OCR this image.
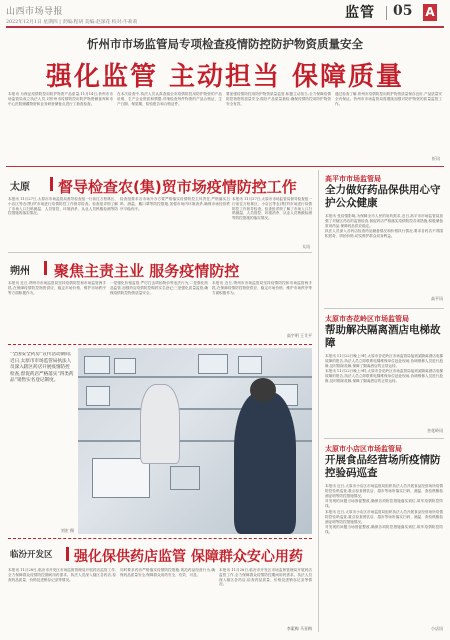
山西市场导报
2022年12月1日 星期四 | 责编:程胡 美编:赵深花 校对:牛莉莉
监管 05 A
忻州市市场监管局专项检查疫情防控防护物资质量安全
强化监管 主动担当 保障质量

本报讯 为保证疫情防控用防护物资产品质量,11月14日,忻州市市场监管局成立执法人员,对忻州市疫情防控用防护物资储备库和市中心医院储藏物资和业务研营储备点进行了抽查检查。

在本次检查中,执法人员认真查阅全市疫情防控用防护物资的产品说明、生产企业资质和票据,详细检查每件物资的产品合格证、生产日期、保质期、检验报告和合格证件。

要加强疫情防控用防护物资质量监管,积极主动担当,全力保障疫情防控物资的质量安全,做好产品质量抽检,确保疫情防控用防护物资安全有效。

通过检查了解,忻州市疫情防控用防护物资质量保存良好,产品质量安全有保证。忻州市市场监管局将继续加强对防护物资的质量监管工作。

忻讯
太原 督导检查农(集)贸市场疫情防控工作

本报讯 11月27日,太原市市场监管局督导检查组一行前往万柏林区、小店区等农(集)贸市场进行疫情防控工作督导检查。检查组详细了解了市场入口扫码测温、人员管控、环境消杀、从业人员核酸检测等防控措施的落实情况。

检查组要求各市场开办方要严格落实疫情防控主体责任,严格落实扫码、测温、戴口罩等防控措施,加强市场内环境消杀,确保市场经营秩序平稳有序。

本报讯 11月27日,太原市市场监管局督导检查组一行前往万柏林区、小店区等农(集)贸市场进行疫情防控工作督导检查。检查组详细了解了市场入口扫码测温、人员管控、环境消杀、从业人员核酸检测等防控措施的落实情况。

太讯
朔州 聚焦主责主业 服务疫情防控

本报讯 近日,朔州市市场监管局坚持疫情防控和市场监管两手抓,在保障疫情防控物资供应、稳定市场价格、维护市场秩序等方面积极作为。

一是强化价格监管,严厉打击哄抬物价等违法行为;二是强化药品监管,加强药店疫情防控购药实名登记;三是强化质量监管,确保疫情防控物资质量安全。

本报讯 近日,朔州市市场监管局坚持疫情防控和市场监管两手抓,在保障疫情防控物资供应、稳定市场价格、维护市场秩序等方面积极作为。

高宇明 王艾平
“全国安全药房”宣传活动期间,近日,太原市市场监管局执法人员深入辖区药店开展疫情防控检查,督促药店严格落实“四类药品”销售实名登记制度。
刘宏 摄
临汾开发区 强化保供药店监管 保障群众安心用药

本报讯 11月28日,临汾市开发区市场监督管理局开展药店监管工作,全力保障群众疫情防控期间用药需求。执法人员深入辖区各药店,检查药品质量、价格及进销存记录等情况。

同时要求药店严格落实疫情防控措施,规范药品经营行为,确保药品质量安全,保障群众用药安全、有效、可及。

本报讯 11月28日,临汾市开发区市场监督管理局开展药店监管工作,全力保障群众疫情防控期间用药需求。执法人员深入辖区各药店,检查药品质量、价格及进销存记录等情况。

李素梅 马亚梅
高平市市场监管局
全力做好药品保供用心守护公众健康

本报讯 受疫情影响,为保障全市人民的用药需求,近日,高平市市场监管局加强了对辖区药店的监督检查,督促药店严格落实疫情防控各项措施,积极储备常用药品,保障药品供应稳定。

执法人员深入各药店检查药品储备情况和价格执行情况,要求各药店不得囤积居奇、哄抬价格,切实维护群众切身利益。

高平讯
太原市杏花岭区市场监管局
帮助解决隔离酒店电梯故障

本报讯 11月22日晚上9时,太原市杏花岭区市场监管局接到某隔离酒店电梯故障的报告,执法人员立即联系电梯维保单位赶赴现场,协调维修人员进行抢修,及时排除故障,保障了隔离酒店的正常运转。

本报讯 11月22日晚上9时,太原市杏花岭区市场监管局接到某隔离酒店电梯故障的报告,执法人员立即联系电梯维保单位赶赴现场,协调维修人员进行抢修,及时排除故障,保障了隔离酒店的正常运转。

杏花岭讯
太原市小店区市场监管局
开展食品经营场所疫情防控验码巡查

本报讯 近日,太原市小店区市场监管局组织执法人员开展食品经营场所疫情防控验码巡查,重点检查餐饮店、超市等场所落实扫码、测温、查验核酸检测证明等防控措施情况。

对发现的问题当场督促整改,确保各项防控措施落实到位,筑牢疫情防控防线。

本报讯 近日,太原市小店区市场监管局组织执法人员开展食品经营场所疫情防控验码巡查,重点检查餐饮店、超市等场所落实扫码、测温、查验核酸检测证明等防控措施情况。

对发现的问题当场督促整改,确保各项防控措施落实到位,筑牢疫情防控防线。

小店讯
